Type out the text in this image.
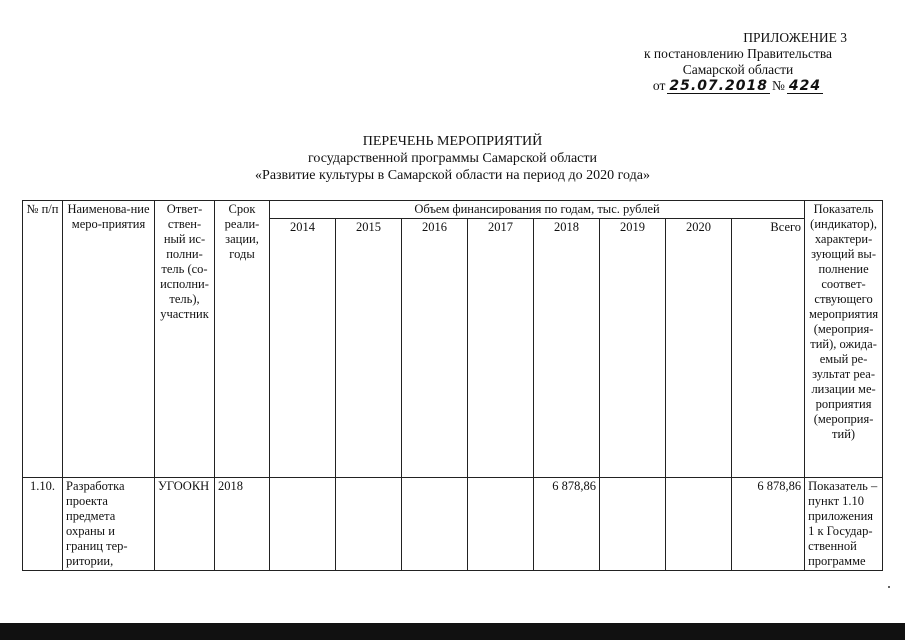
ПРИЛОЖЕНИЕ 3
к постановлению Правительства
Самарской области
от 25.07.2018 № 424
ПЕРЕЧЕНЬ МЕРОПРИЯТИЙ
государственной программы Самарской области
«Развитие культуры в Самарской области на период до 2020 года»
№ п/п	Наименова-ние меро-приятия	Ответ-ствен-ный ис-полни-тель (со-исполни-тель), участник	Срок реали-зации, годы	Объем финансирования по годам, тыс. рублей								Показатель (индикатор), характери-зующий вы-полнение соответ-ствующего мероприятия (мероприя-тий), ожида-емый ре-зультат реа-лизации ме-роприятия (мероприя-тий)
				2014	2015	2016	2017	2018	2019	2020	Всего	
1.10.	Разработка проекта предмета охраны и границ тер-ритории,	УГООКН	2018					6 878,86			6 878,86	Показатель – пункт 1.10 приложения 1 к Государ-ственной программе
